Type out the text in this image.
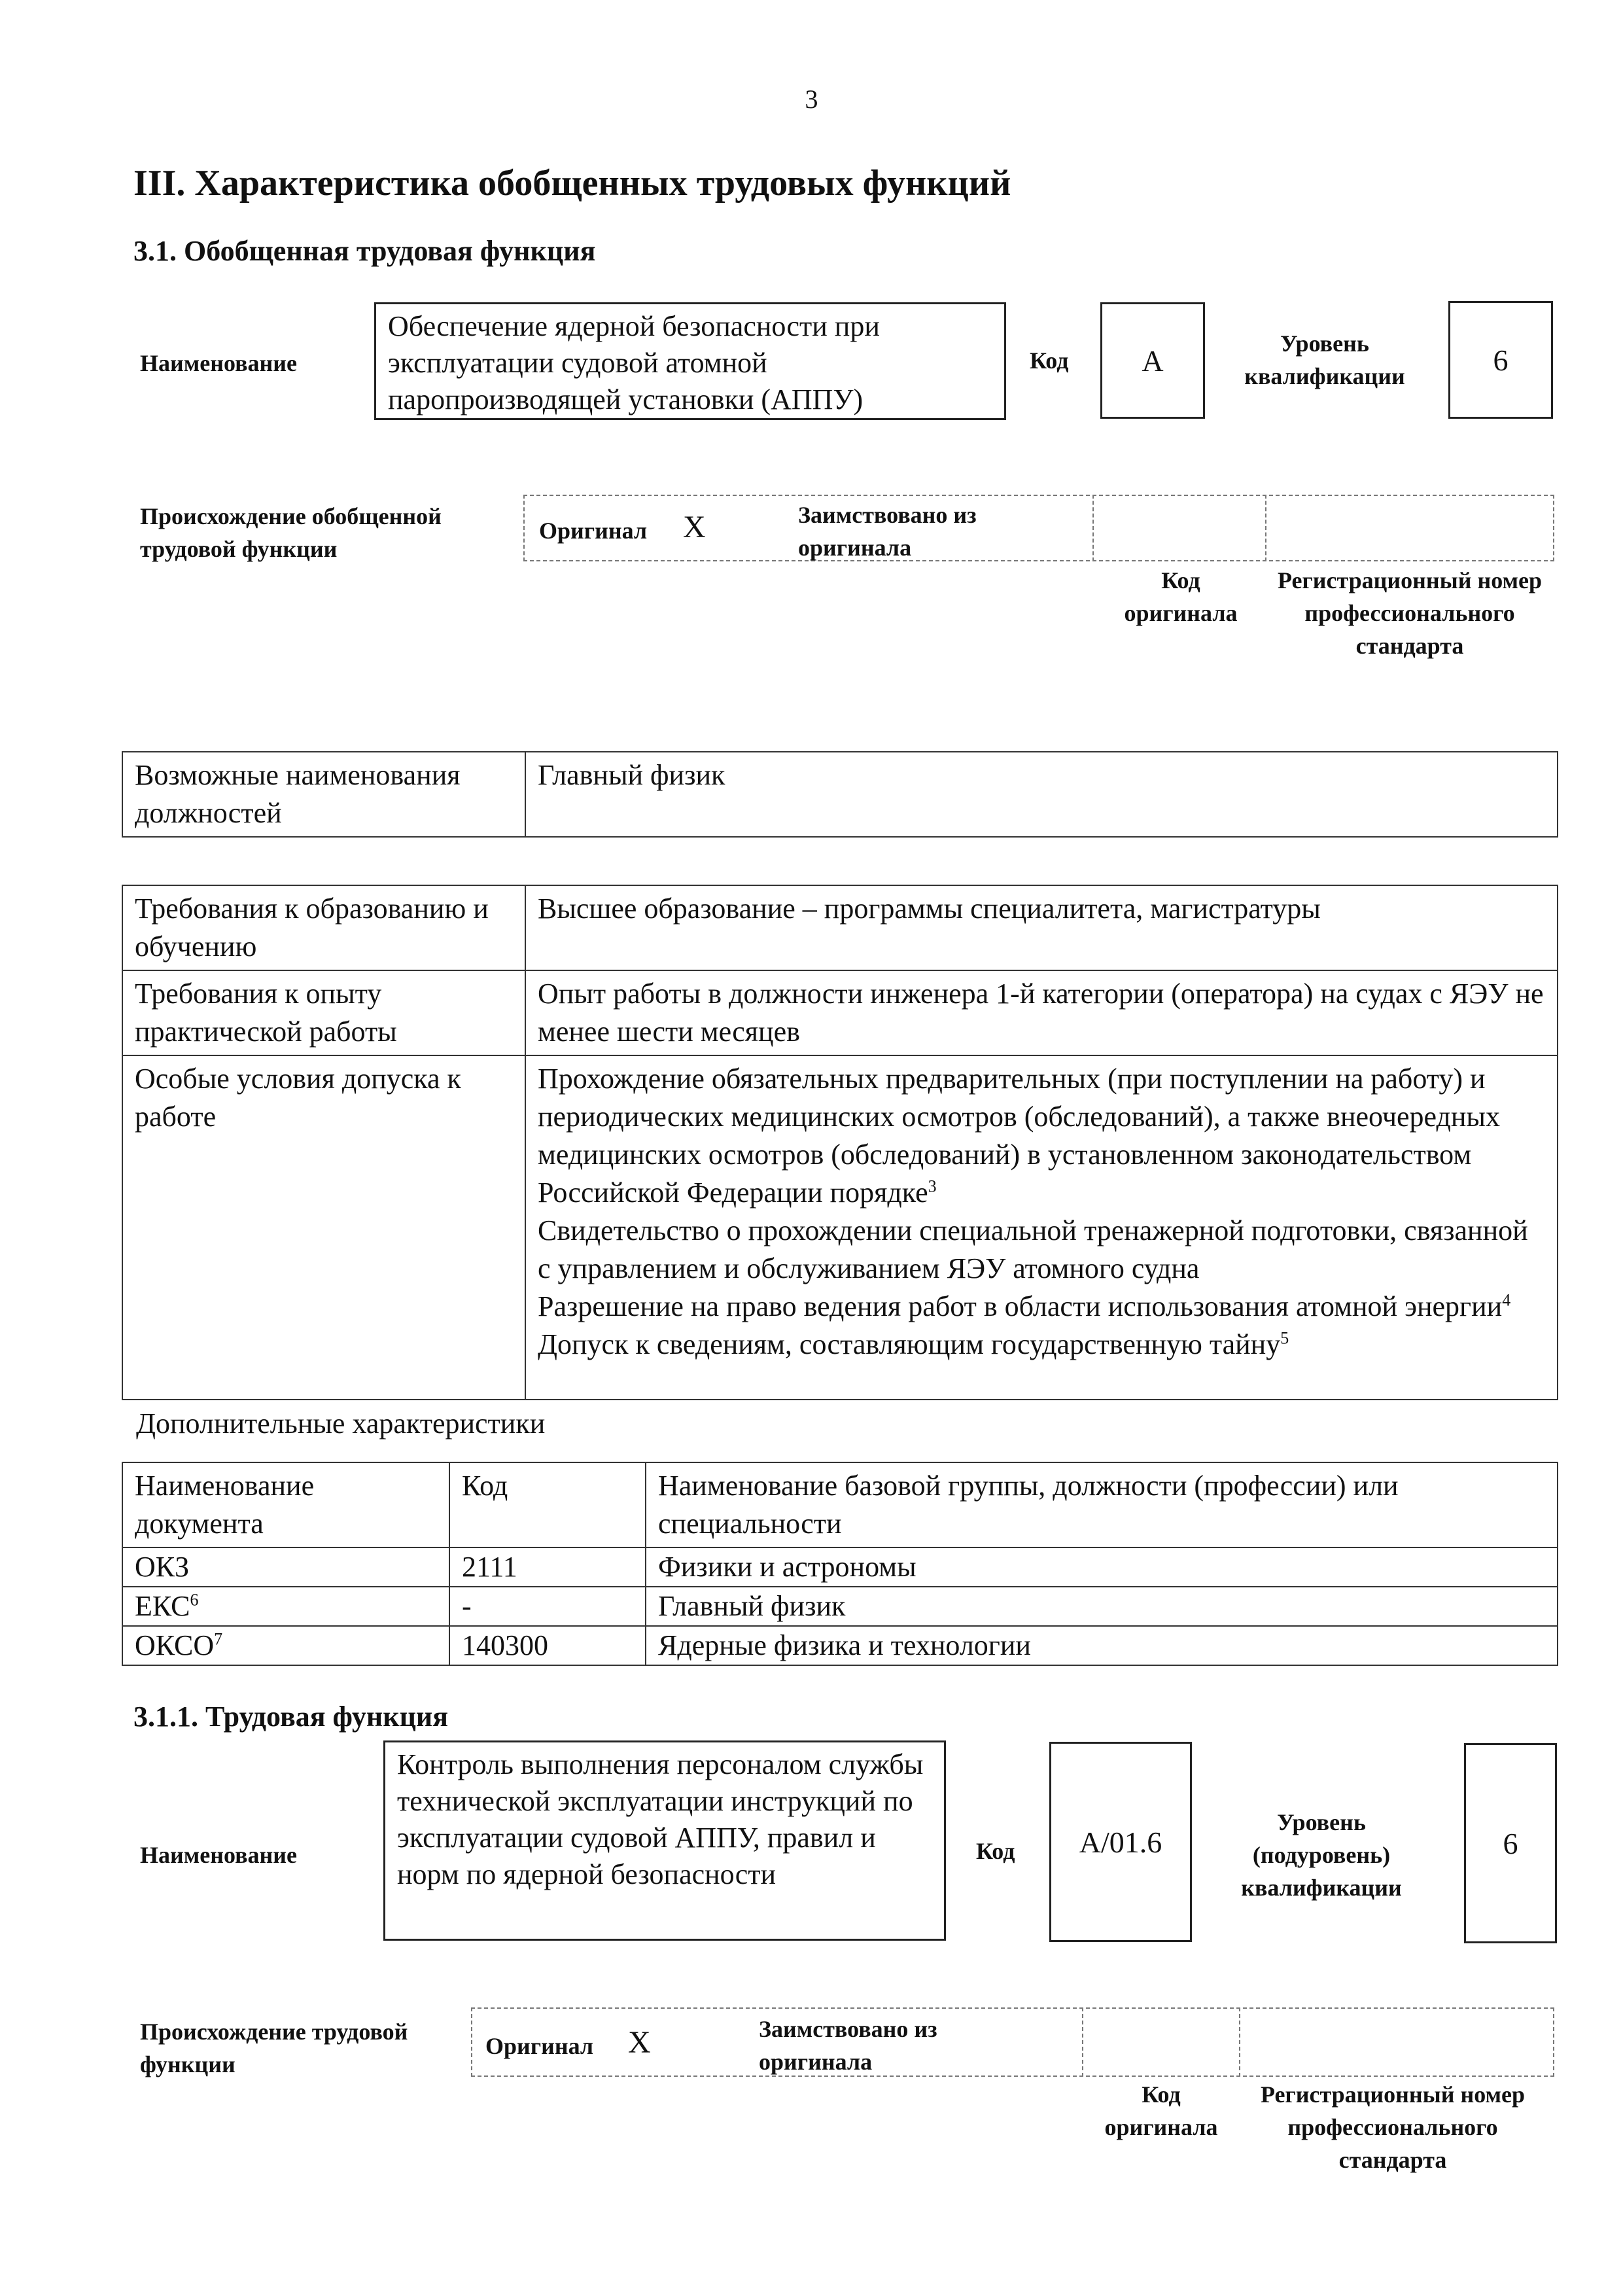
3
III. Характеристика обобщенных трудовых функций
3.1. Обобщенная трудовая функция
Наименование
Обеспечение ядерной безопасности при эксплуатации судовой атомной паропроизводящей установки (АППУ)
Код А
Уровень квалификации	6
Происхождение обобщенной трудовой функции
Оригинал Х	Заимствовано из оригинала
Код оригинала
Регистрационный номер профессионального стандарта
Возможные наименования должностей	Главный физик
Требования к образованию и обучению	Высшее образование – программы специалитета, магистратуры
Требования к опыту практической работы	Опыт работы в должности инженера 1-й категории (оператора) на судах с ЯЭУ не менее шести месяцев
Особые условия допуска к работе	Прохождение обязательных предварительных (при поступлении на работу) и периодических медицинских осмотров (обследований), а также внеочередных медицинских осмотров (обследований) в установленном законодательством Российской Федерации порядке$^3$
Свидетельство о прохождении специальной тренажерной подготовки, связанной с управлением и обслуживанием ЯЭУ атомного судна
Разрешение на право ведения работ в области использования атомной энергии$^4$
Допуск к сведениям, составляющим государственную тайну$^5$
Дополнительные характеристики
Наименование документа	Код	Наименование базовой группы, должности (профессии) или специальности
ОКЗ	2111	Физики и астрономы
ЕКС$^6$	-	Главный физик
ОКСО$^7$	140300	Ядерные физика и технологии
3.1.1. Трудовая функция
Наименование
Контроль выполнения персоналом службы технической эксплуатации инструкций по эксплуатации судовой АППУ, правил и норм по ядерной безопасности
Код А/01.6
Уровень (подуровень) квалификации
6
Происхождение трудовой функции
Оригинал Х	Заимствовано из оригинала
Код оригинала
Регистрационный номер профессионального стандарта
